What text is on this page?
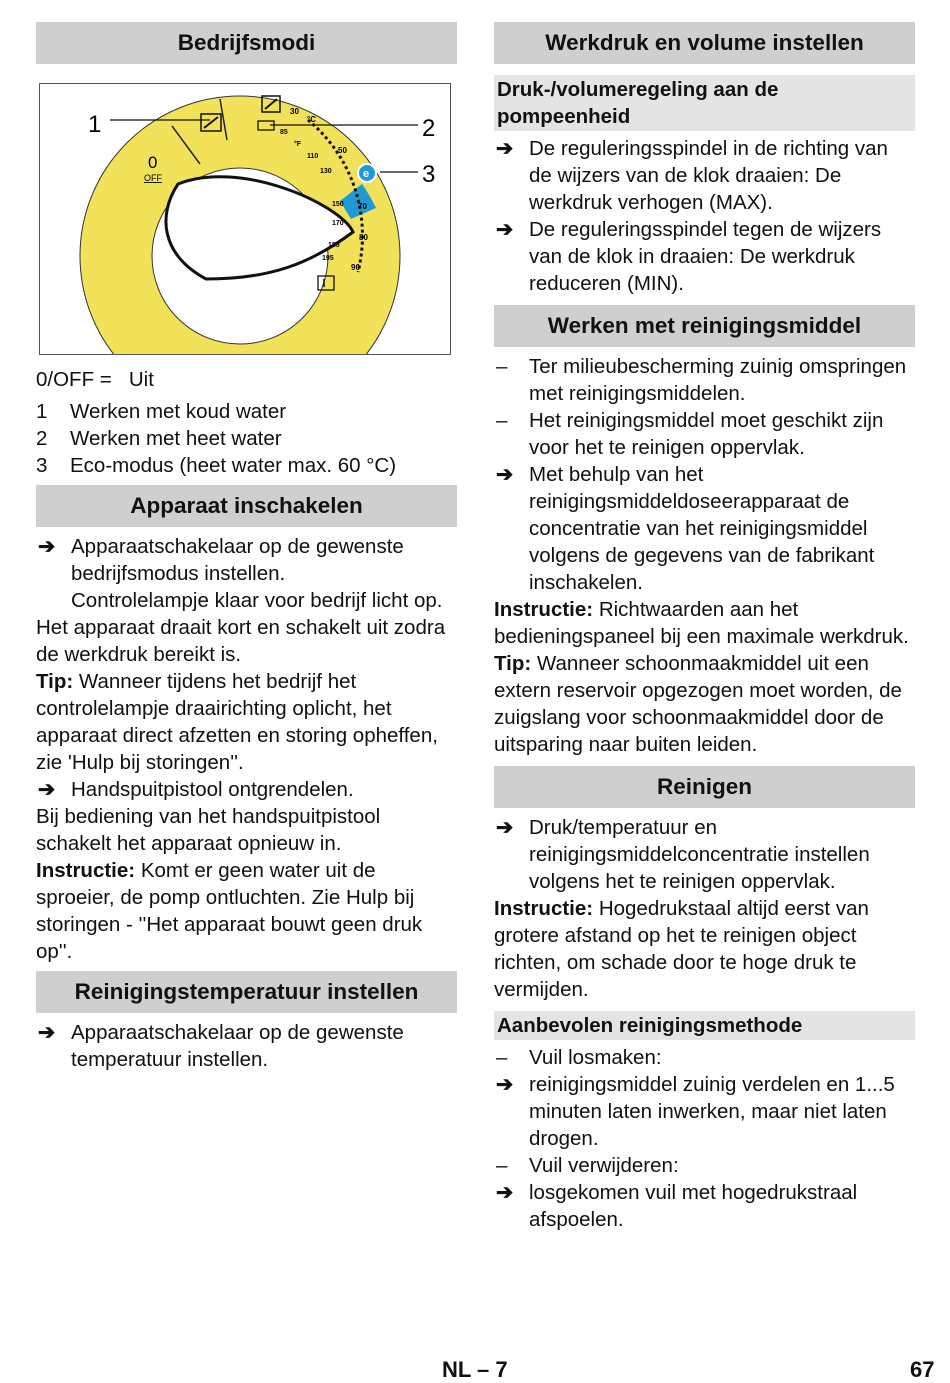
Bedrijfsmodi
1	2
3
0
OFF	e
30
°C
50
70
80
90
85
°F
110
130
150
170
185
195

0/OFF = Uit

1 Werken met koud water
2 Werken met heet water
3 Eco-modus (heet water max. 60 °C)
Apparaat inschakelen
➔ Apparaatschakelaar op de gewenste bedrijfsmodus instellen.
Controlelampje klaar voor bedrijf licht op.

Het apparaat draait kort en schakelt uit zodra de werkdruk bereikt is.

Tip: Wanneer tijdens het bedrijf het controlelampje draairichting oplicht, het apparaat direct afzetten en storing opheffen, zie 'Hulp bij storingen''.

➔ Handspuitpistool ontgrendelen.

Bij bediening van het handspuitpistool schakelt het apparaat opnieuw in.

Instructie: Komt er geen water uit de sproeier, de pomp ontluchten. Zie Hulp bij storingen - ''Het apparaat bouwt geen druk op''.

Reinigingstemperatuur instellen
➔ Apparaatschakelaar op de gewenste temperatuur instellen.
Werkdruk en volume instellen
Druk-/volumeregeling aan de pompeenheid
➔ De reguleringsspindel in de richting van de wijzers van de klok draaien: De werkdruk verhogen (MAX).
➔ De reguleringsspindel tegen de wijzers van de klok in draaien: De werkdruk reduceren (MIN).
Werken met reinigingsmiddel
– Ter milieubescherming zuinig omspringen met reinigingsmiddelen.
– Het reinigingsmiddel moet geschikt zijn voor het te reinigen oppervlak.
➔ Met behulp van het reinigingsmiddeldoseerapparaat de concentratie van het reinigingsmiddel volgens de gegevens van de fabrikant inschakelen.

Instructie: Richtwaarden aan het bedieningspaneel bij een maximale werkdruk.

Tip: Wanneer schoonmaakmiddel uit een extern reservoir opgezogen moet worden, de zuigslang voor schoonmaakmiddel door de uitsparing naar buiten leiden.

Reinigen
➔ Druk/temperatuur en reinigingsmiddelconcentratie instellen volgens het te reinigen oppervlak.

Instructie: Hogedrukstaal altijd eerst van grotere afstand op het te reinigen object richten, om schade door te hoge druk te vermijden.

Aanbevolen reinigingsmethode
– Vuil losmaken:
➔ reinigingsmiddel zuinig verdelen en 1...5 minuten laten inwerken, maar niet laten drogen.
– Vuil verwijderen:
➔ losgekomen vuil met hogedrukstraal afspoelen.
NL – 7	67
